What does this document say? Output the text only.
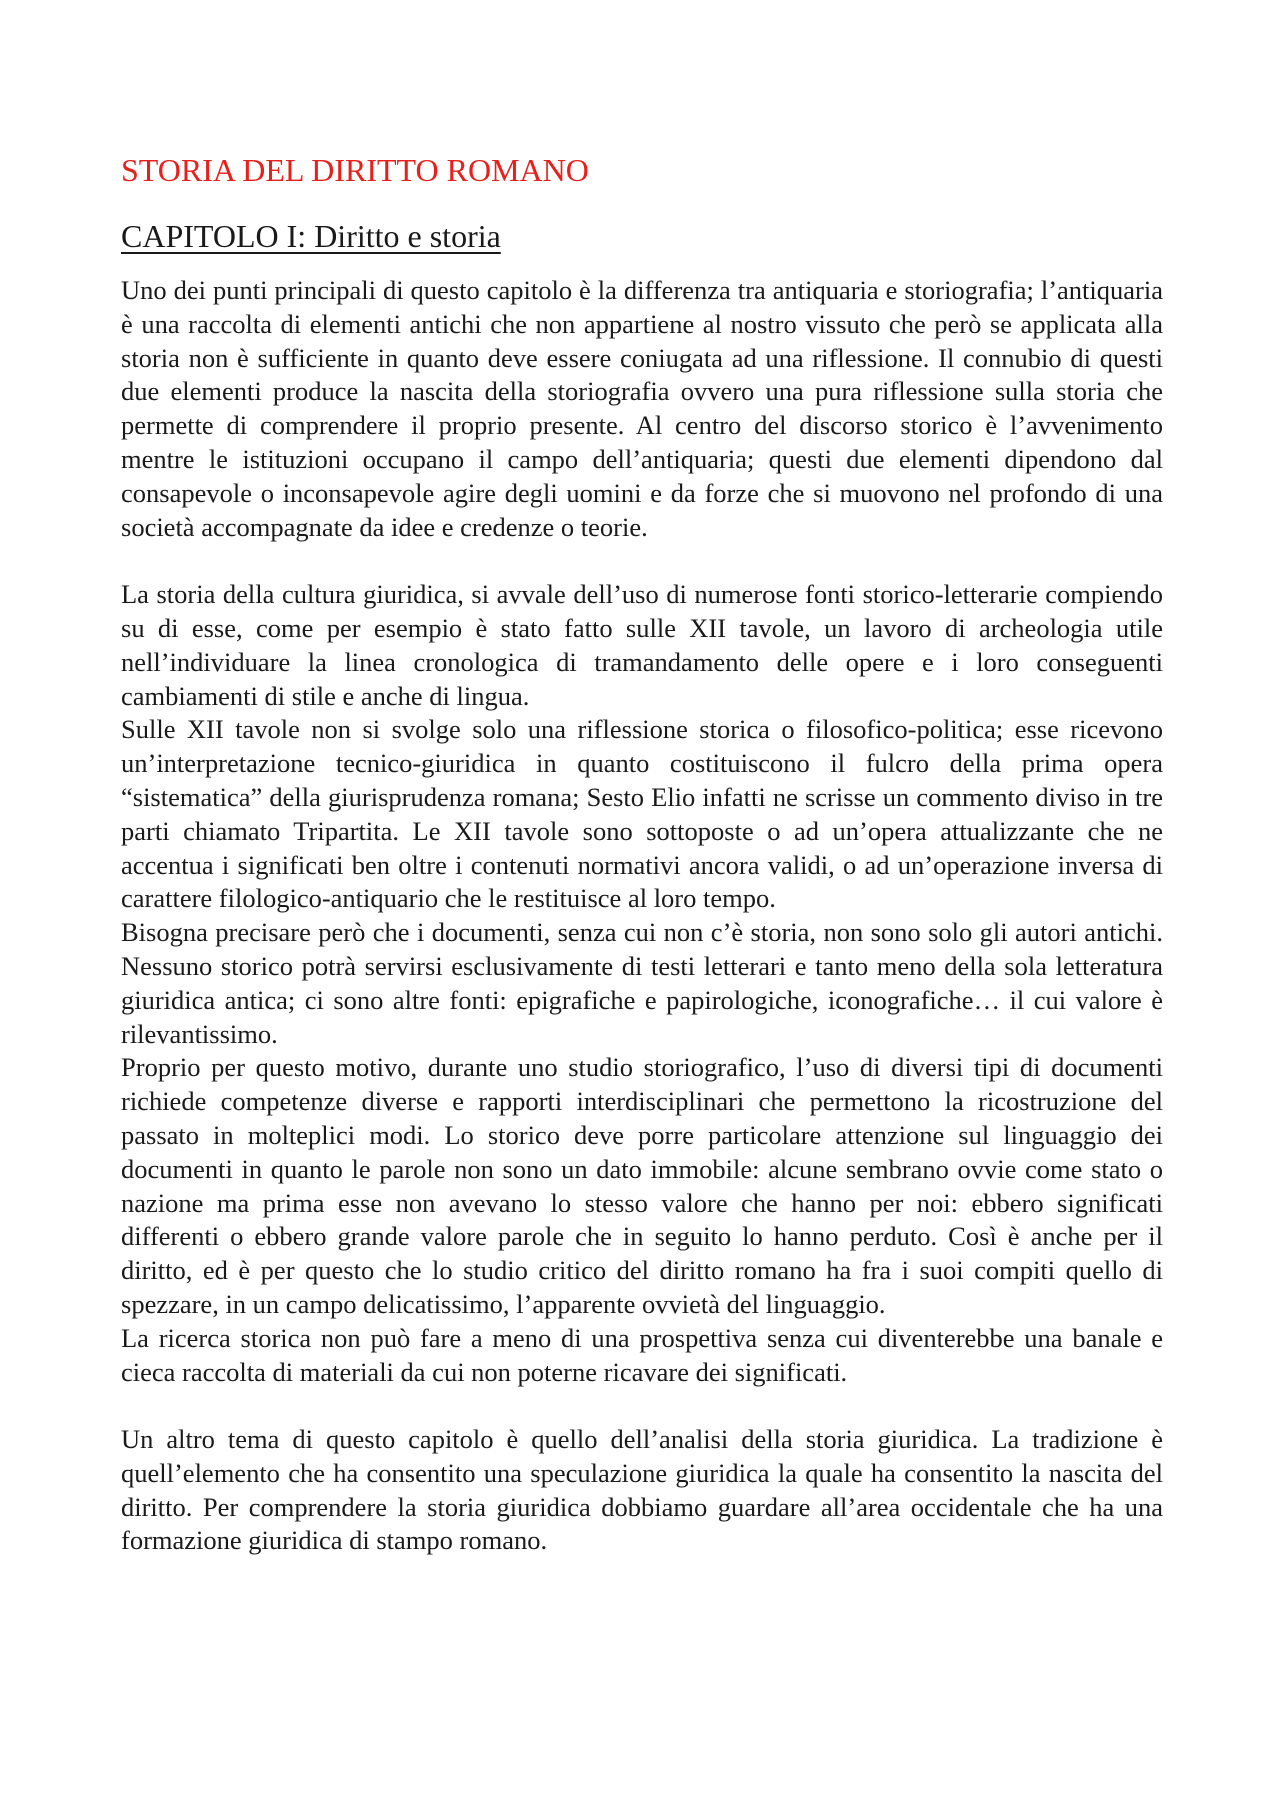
STORIA DEL DIRITTO ROMANO
CAPITOLO I: Diritto e storia

Uno dei punti principali di questo capitolo è la differenza tra antiquaria e storiografia; l’antiquaria è una raccolta di elementi antichi che non appartiene al nostro vissuto che però se applicata alla storia non è sufficiente in quanto deve essere coniugata ad una riflessione. Il connubio di questi due elementi produce la nascita della storiografia ovvero una pura riflessione sulla storia che permette di comprendere il proprio presente. Al centro del discorso storico è l’avvenimento mentre le istituzioni occupano il campo dell’antiquaria; questi due elementi dipendono dal consapevole o inconsapevole agire degli uomini e da forze che si muovono nel profondo di una società accompagnate da idee e credenze o teorie.

La storia della cultura giuridica, si avvale dell’uso di numerose fonti storico-letterarie compiendo su di esse, come per esempio è stato fatto sulle XII tavole, un lavoro di archeologia utile nell’individuare la linea cronologica di tramandamento delle opere e i loro conseguenti cambiamenti di stile e anche di lingua.

Sulle XII tavole non si svolge solo una riflessione storica o filosofico-politica; esse ricevono un’interpretazione tecnico-giuridica in quanto costituiscono il fulcro della prima opera “sistematica” della giurisprudenza romana; Sesto Elio infatti ne scrisse un commento diviso in tre parti chiamato Tripartita. Le XII tavole sono sottoposte o ad un’opera attualizzante che ne accentua i significati ben oltre i contenuti normativi ancora validi, o ad un’operazione inversa di carattere filologico-antiquario che le restituisce al loro tempo.

Bisogna precisare però che i documenti, senza cui non c’è storia, non sono solo gli autori antichi. Nessuno storico potrà servirsi esclusivamente di testi letterari e tanto meno della sola letteratura giuridica antica; ci sono altre fonti: epigrafiche e papirologiche, iconografiche… il cui valore è rilevantissimo.

Proprio per questo motivo, durante uno studio storiografico, l’uso di diversi tipi di documenti richiede competenze diverse e rapporti interdisciplinari che permettono la ricostruzione del passato in molteplici modi. Lo storico deve porre particolare attenzione sul linguaggio dei documenti in quanto le parole non sono un dato immobile: alcune sembrano ovvie come stato o nazione ma prima esse non avevano lo stesso valore che hanno per noi: ebbero significati differenti o ebbero grande valore parole che in seguito lo hanno perduto. Così è anche per il diritto, ed è per questo che lo studio critico del diritto romano ha fra i suoi compiti quello di spezzare, in un campo delicatissimo, l’apparente ovvietà del linguaggio.

La ricerca storica non può fare a meno di una prospettiva senza cui diventerebbe una banale e cieca raccolta di materiali da cui non poterne ricavare dei significati.

Un altro tema di questo capitolo è quello dell’analisi della storia giuridica. La tradizione è quell’elemento che ha consentito una speculazione giuridica la quale ha consentito la nascita del diritto. Per comprendere la storia giuridica dobbiamo guardare all’area occidentale che ha una formazione giuridica di stampo romano.
